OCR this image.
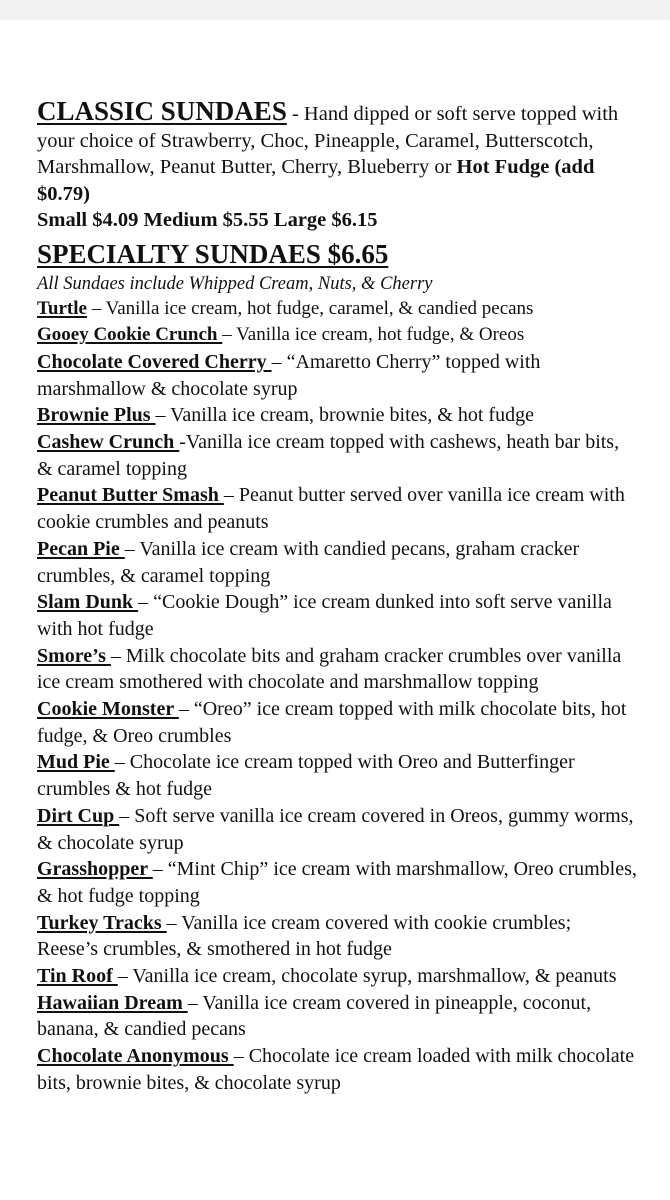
CLASSIC SUNDAES - Hand dipped or soft serve topped with your choice of Strawberry, Choc, Pineapple, Caramel, Butterscotch, Marshmallow, Peanut Butter, Cherry, Blueberry or Hot Fudge (add $0.79)
Small $4.09 Medium $5.55 Large $6.15
SPECIALTY SUNDAES $6.65
All Sundaes include Whipped Cream, Nuts, & Cherry
Turtle – Vanilla ice cream, hot fudge, caramel, & candied pecans
Gooey Cookie Crunch – Vanilla ice cream, hot fudge, & Oreos
Chocolate Covered Cherry – “Amaretto Cherry” topped with marshmallow & chocolate syrup
Brownie Plus – Vanilla ice cream, brownie bites, & hot fudge
Cashew Crunch -Vanilla ice cream topped with cashews, heath bar bits, & caramel topping
Peanut Butter Smash – Peanut butter served over vanilla ice cream with cookie crumbles and peanuts
Pecan Pie – Vanilla ice cream with candied pecans, graham cracker crumbles, & caramel topping
Slam Dunk – “Cookie Dough” ice cream dunked into soft serve vanilla with hot fudge
Smore’s – Milk chocolate bits and graham cracker crumbles over vanilla ice cream smothered with chocolate and marshmallow topping
Cookie Monster – “Oreo” ice cream topped with milk chocolate bits, hot fudge, & Oreo crumbles
Mud Pie – Chocolate ice cream topped with Oreo and Butterfinger crumbles & hot fudge
Dirt Cup – Soft serve vanilla ice cream covered in Oreos, gummy worms, & chocolate syrup
Grasshopper – “Mint Chip” ice cream with marshmallow, Oreo crumbles, & hot fudge topping
Turkey Tracks – Vanilla ice cream covered with cookie crumbles; Reese’s crumbles, & smothered in hot fudge
Tin Roof – Vanilla ice cream, chocolate syrup, marshmallow, & peanuts
Hawaiian Dream – Vanilla ice cream covered in pineapple, coconut, banana, & candied pecans
Chocolate Anonymous – Chocolate ice cream loaded with milk chocolate bits, brownie bites, & chocolate syrup
